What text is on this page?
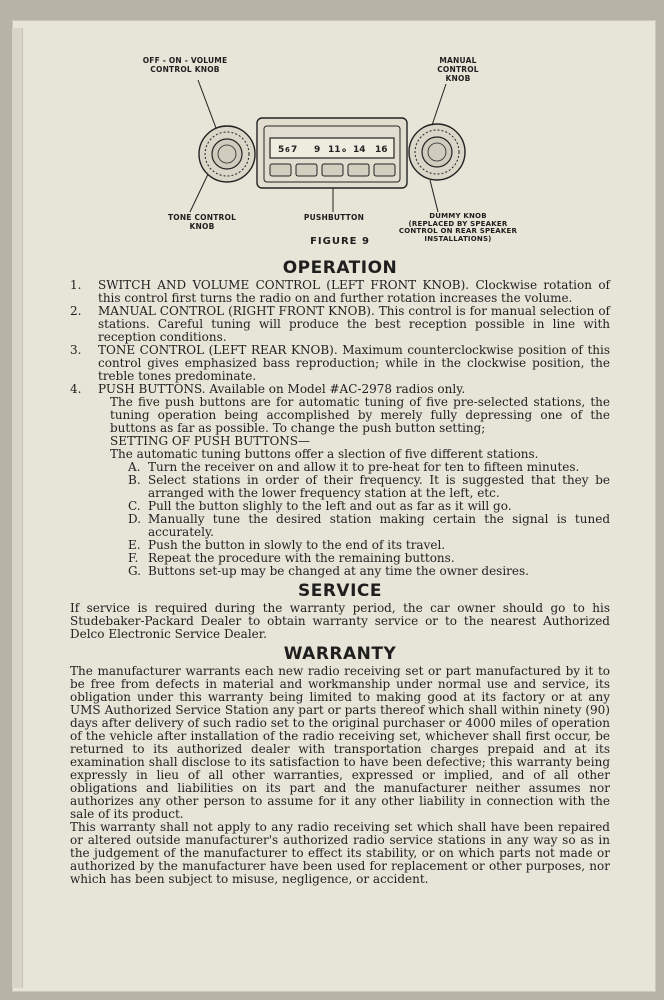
OFF - ON - VOLUME
CONTROL KNOB
MANUAL
CONTROL
KNOB
5 6 7 9 11 o 14 16
TONE CONTROL
KNOB
PUSHBUTTON	DUMMY KNOB
(REPLACED BY SPEAKER
CONTROL ON REAR SPEAKER
INSTALLATIONS)
FIGURE 9
OPERATION
1. SWITCH AND VOLUME CONTROL (LEFT FRONT KNOB). Clockwise rotation of this control first turns the radio on and further rotation increases the volume.
2. MANUAL CONTROL (RIGHT FRONT KNOB). This control is for manual selection of stations. Careful tuning will produce the best reception possible in line with reception conditions.
3. TONE CONTROL (LEFT REAR KNOB). Maximum counterclockwise position of this control gives emphasized bass reproduction; while in the clockwise position, the treble tones predominate.
4. PUSH BUTTONS. Available on Model #AC-2978 radios only.
The five push buttons are for automatic tuning of five pre-selected stations, the tuning operation being accomplished by merely fully depressing one of the buttons as far as possible. To change the push button setting;
SETTING OF PUSH BUTTONS—
The automatic tuning buttons offer a slection of five different stations.
A. Turn the receiver on and allow it to pre-heat for ten to fifteen minutes.
B. Select stations in order of their frequency. It is suggested that they be arranged with the lower frequency station at the left, etc.
C. Pull the button slighly to the left and out as far as it will go.
D. Manually tune the desired station making certain the signal is tuned accurately.
E. Push the button in slowly to the end of its travel.
F. Repeat the procedure with the remaining buttons.
G. Buttons set-up may be changed at any time the owner desires.
SERVICE

If service is required during the warranty period, the car owner should go to his Studebaker-Packard Dealer to obtain warranty service or to the nearest Authorized Delco Electronic Service Dealer.

WARRANTY

The manufacturer warrants each new radio receiving set or part manufactured by it to be free from defects in material and workmanship under normal use and service, its obligation under this warranty being limited to making good at its factory or at any UMS Authorized Service Station any part or parts thereof which shall within ninety (90) days after delivery of such radio set to the original purchaser or 4000 miles of operation of the vehicle after installation of the radio receiving set, whichever shall first occur, be returned to its authorized dealer with transportation charges prepaid and at its examination shall disclose to its satisfaction to have been defective; this warranty being expressly in lieu of all other warranties, expressed or implied, and of all other obligations and liabilities on its part and the manufacturer neither assumes nor authorizes any other person to assume for it any other liability in connection with the sale of its product.

This warranty shall not apply to any radio receiving set which shall have been repaired or altered outside manufacturer's authorized radio service stations in any way so as in the judgement of the manufacturer to effect its stability, or on which parts not made or authorized by the manufacturer have been used for replacement or other purposes, nor which has been subject to misuse, negligence, or accident.
